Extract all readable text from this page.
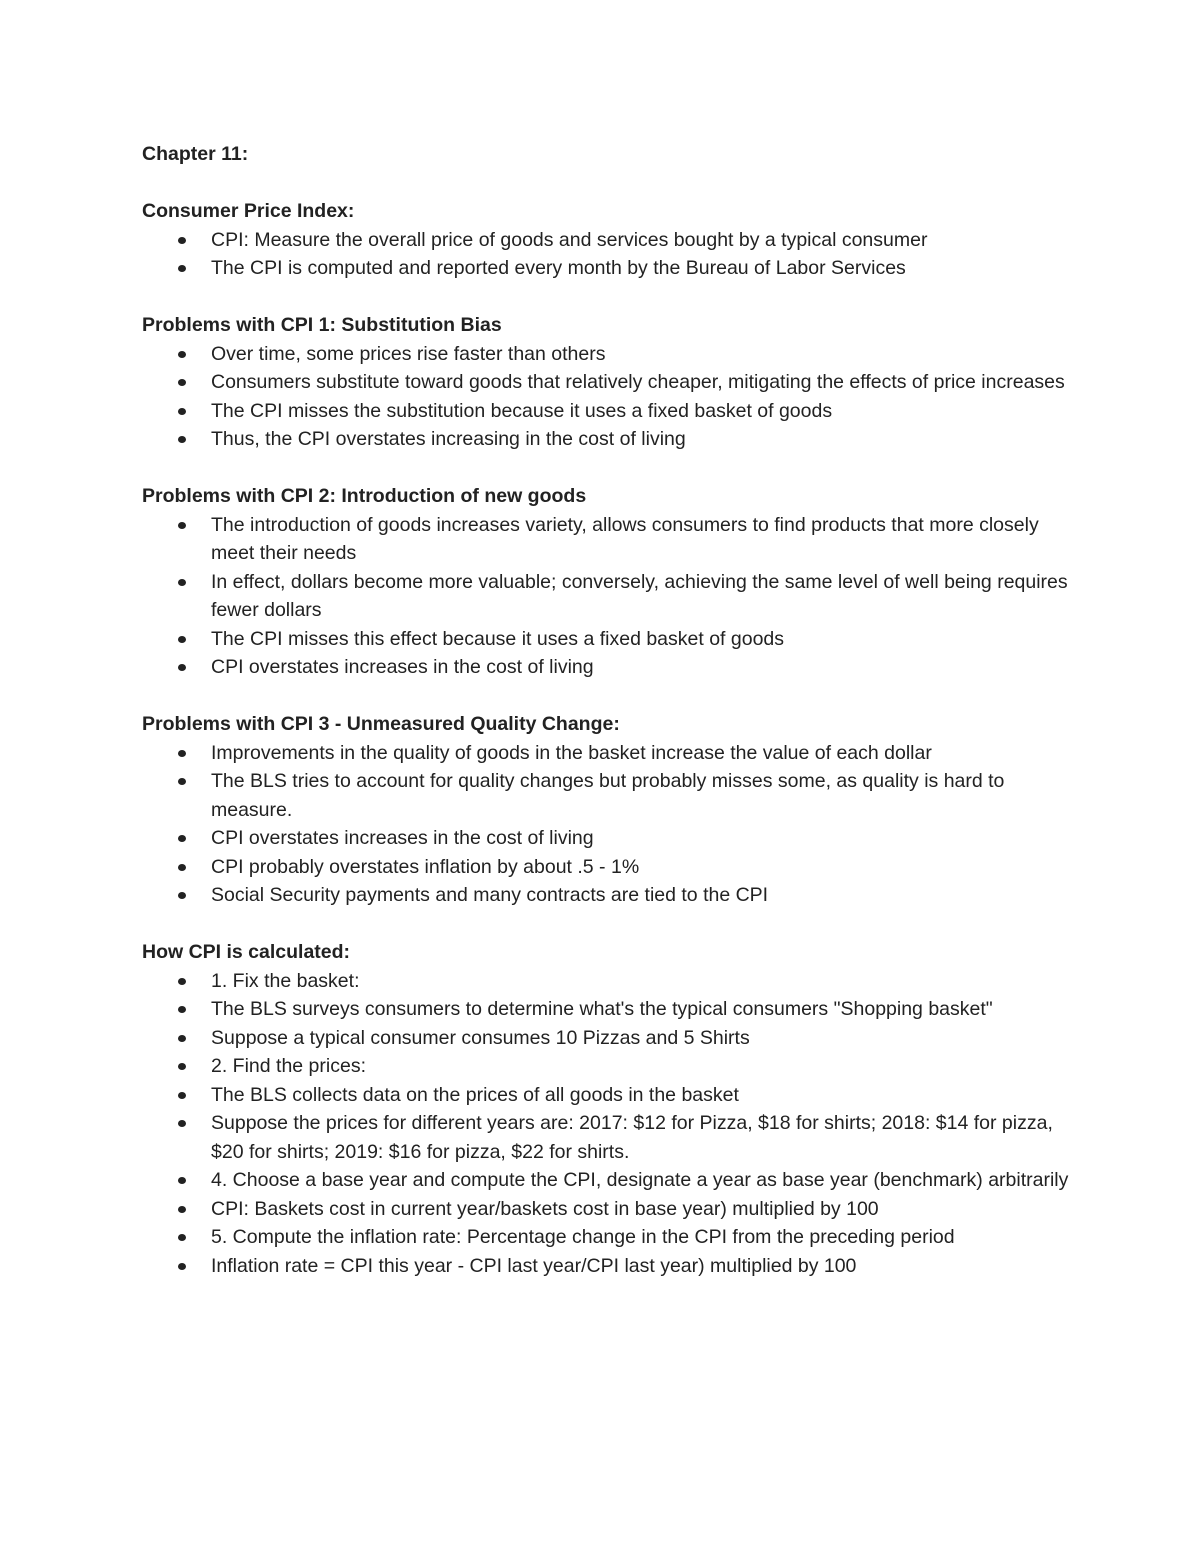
Chapter 11:
Consumer Price Index:
CPI: Measure the overall price of goods and services bought by a typical consumer
The CPI is computed and reported every month by the Bureau of Labor Services
Problems with CPI 1: Substitution Bias
Over time, some prices rise faster than others
Consumers substitute toward goods that relatively cheaper, mitigating the effects of price increases
The CPI misses the substitution because it uses a fixed basket of goods
Thus, the CPI overstates increasing in the cost of living
Problems with CPI 2: Introduction of new goods
The introduction of goods increases variety, allows consumers to find products that more closely meet their needs
In effect, dollars become more valuable; conversely, achieving the same level of well being requires fewer dollars
The CPI misses this effect because it uses a fixed basket of goods
CPI overstates increases in the cost of living
Problems with CPI 3 - Unmeasured Quality Change:
Improvements in the quality of goods in the basket increase the value of each dollar
The BLS tries to account for quality changes but probably misses some, as quality is hard to measure.
CPI overstates increases in the cost of living
CPI probably overstates inflation by about .5 - 1%
Social Security payments and many contracts are tied to the CPI
How CPI is calculated:
1. Fix the basket:
The BLS surveys consumers to determine what's the typical consumers "Shopping basket"
Suppose a typical consumer consumes 10 Pizzas and 5 Shirts
2. Find the prices:
The BLS collects data on the prices of all goods in the basket
Suppose the prices for different years are: 2017: $12 for Pizza, $18 for shirts; 2018: $14 for pizza, $20 for shirts; 2019: $16 for pizza, $22 for shirts.
4. Choose a base year and compute the CPI, designate a year as base year (benchmark) arbitrarily
CPI: Baskets cost in current year/baskets cost in base year) multiplied by 100
5. Compute the inflation rate: Percentage change in the CPI from the preceding period
Inflation rate = CPI this year - CPI last year/CPI last year) multiplied by 100
